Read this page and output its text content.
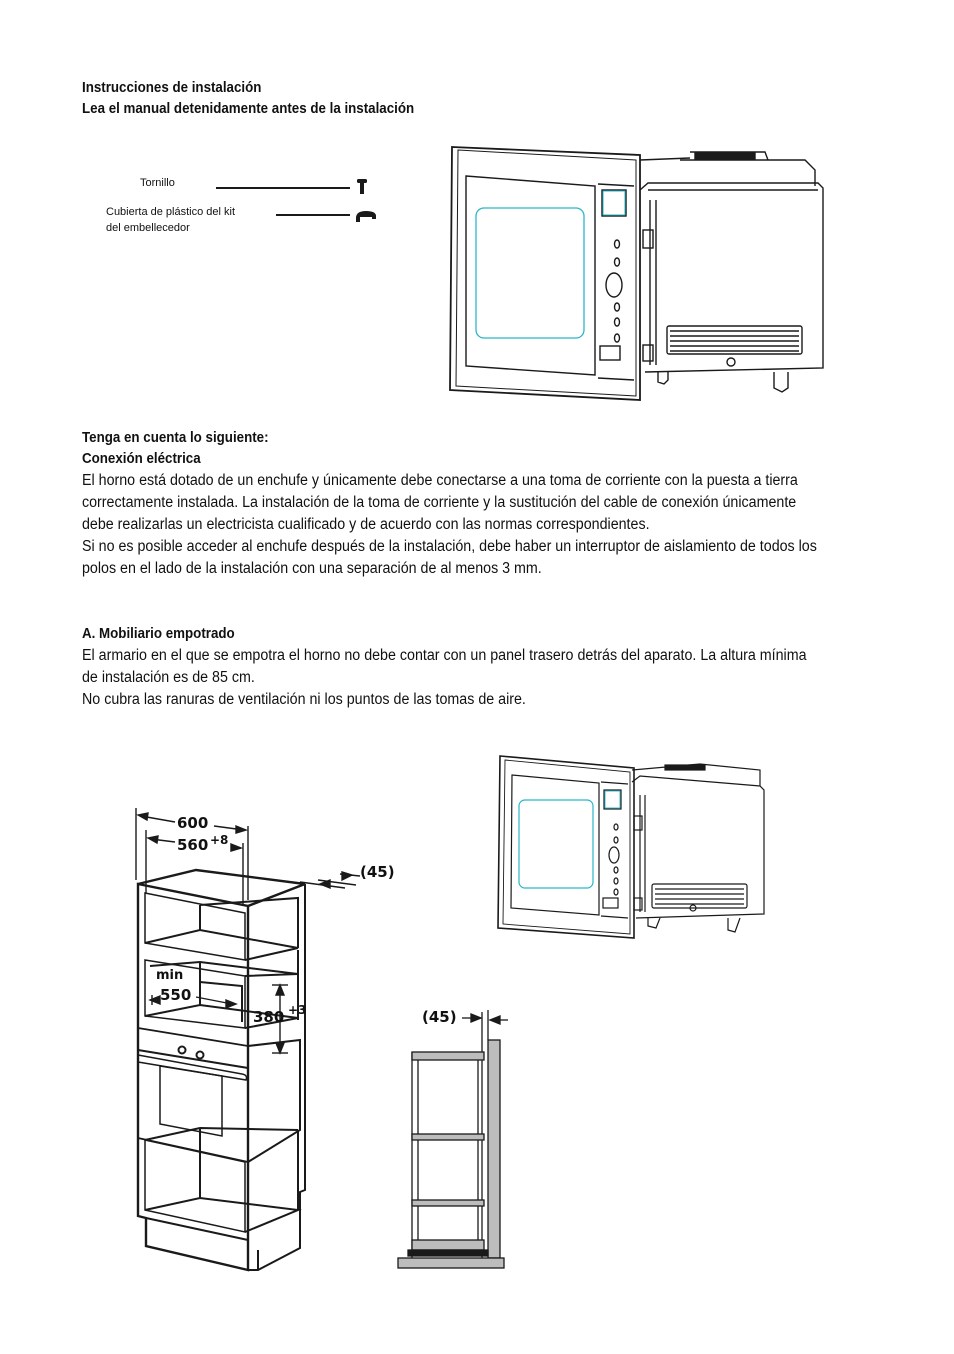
Instrucciones de instalación
Lea el manual detenidamente antes de la instalación
Tornillo
Cubierta de plástico del kit
del embellecedor
Tenga en cuenta lo siguiente:
Conexión eléctrica
El horno está dotado de un enchufe y únicamente debe conectarse a una toma de corriente con la puesta a tierra
correctamente instalada. La instalación de la toma de corriente y la sustitución del cable de conexión únicamente
debe realizarlas un electricista cualificado y de acuerdo con las normas correspondientes.
Si no es posible acceder al enchufe después de la instalación, debe haber un interruptor de aislamiento de todos los
polos en el lado de la instalación con una separación de al menos 3 mm.
A. Mobiliario empotrado
El armario en el que se empotra el horno no debe contar con un panel trasero detrás del aparato. La altura mínima
de instalación es de 85 cm.
No cubra las ranuras de ventilación ni los puntos de las tomas de aire.
600
560 +8
(45)
min
550
380 +3	(45)
